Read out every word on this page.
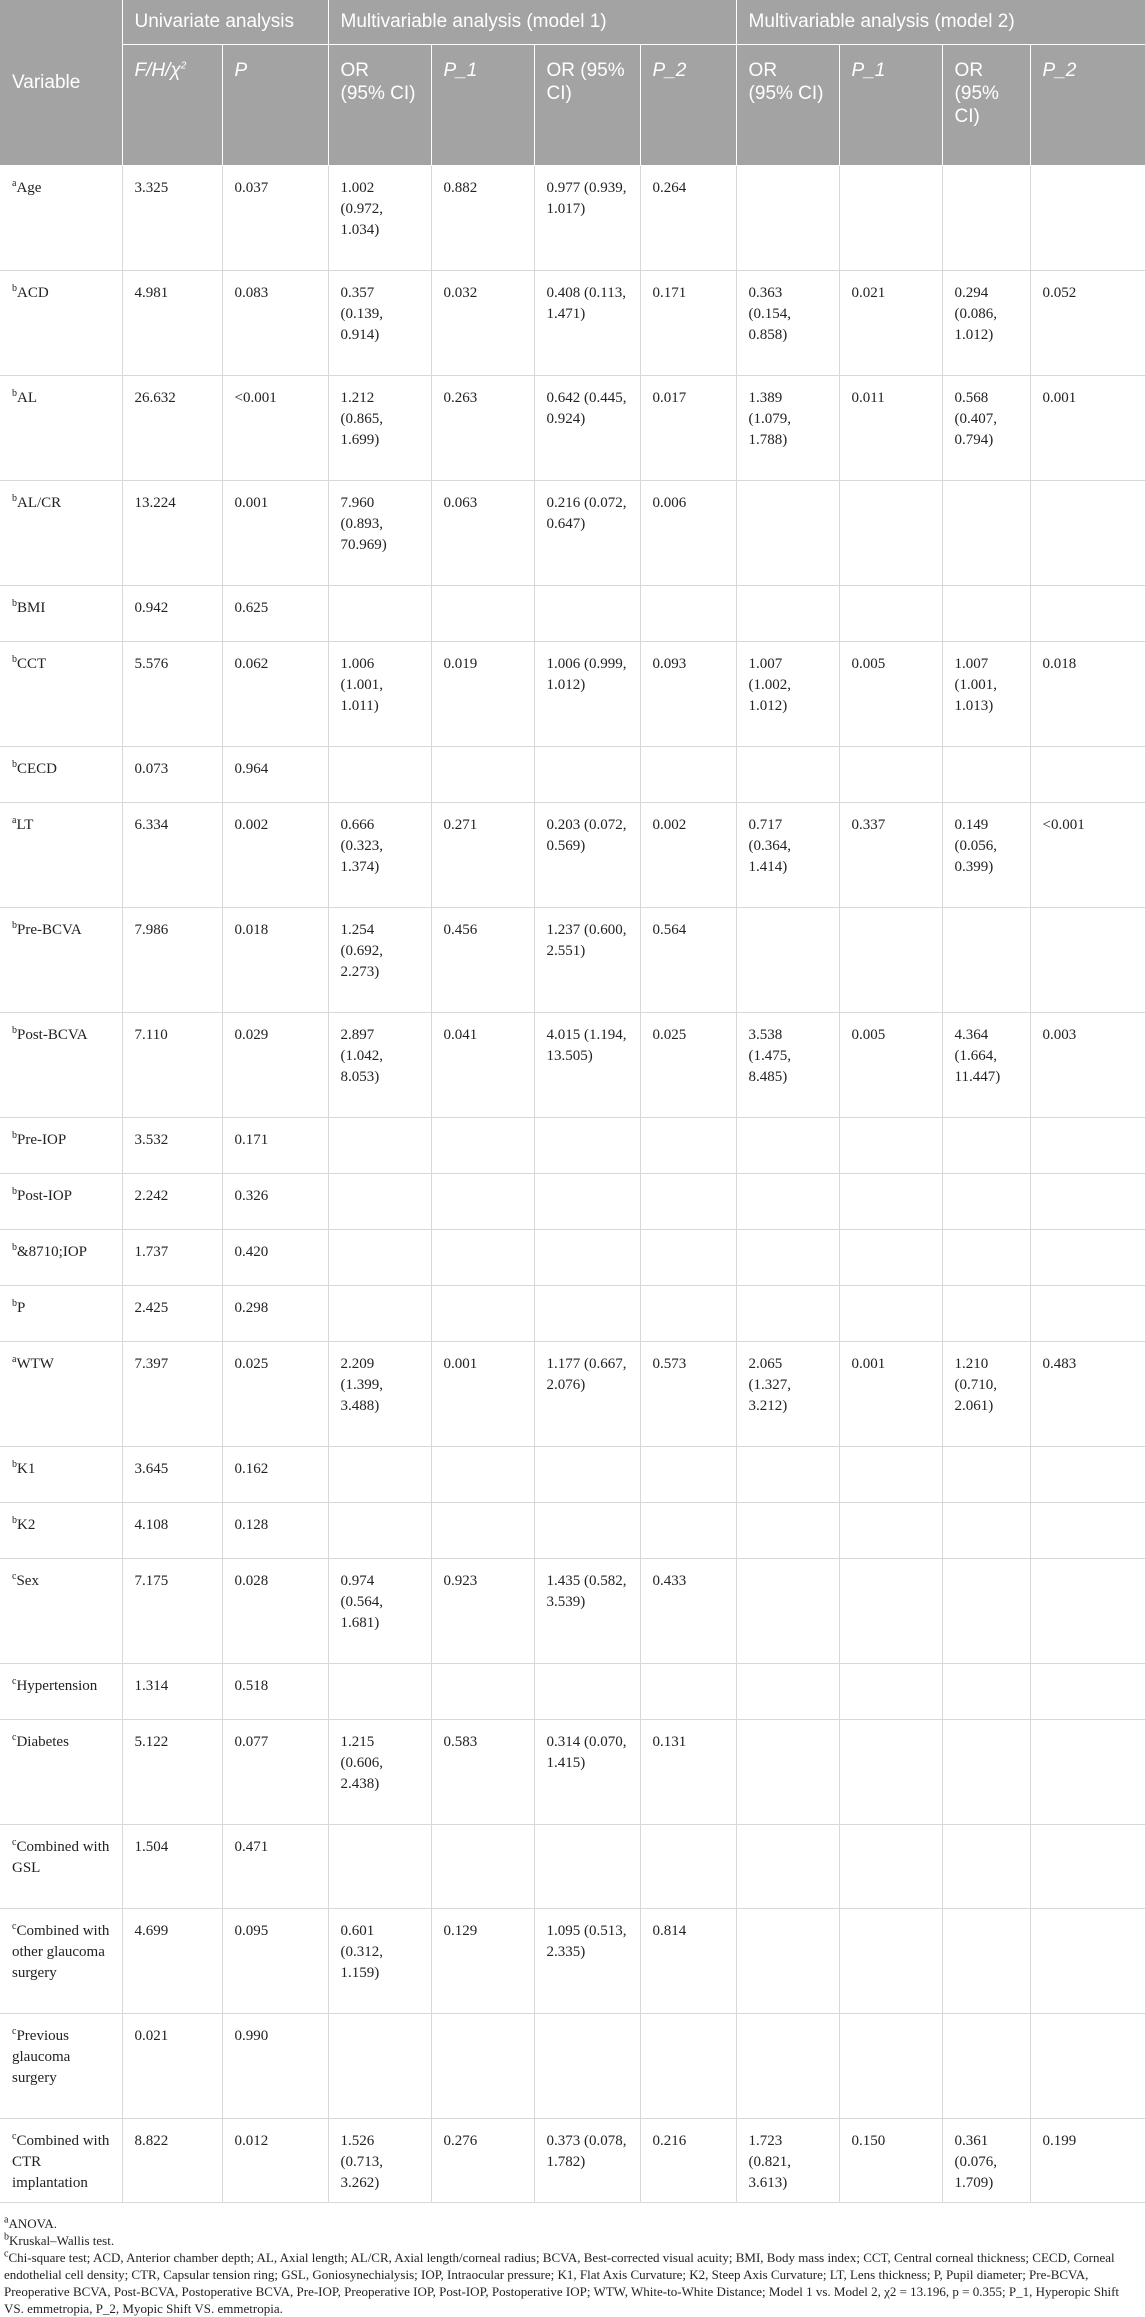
Variable	Univariate analysis		Multivariable analysis (model 1)				Multivariable analysis (model 2)			
	$F/H/\chi^2$	P	OR (95% CI)	P_1	OR (95% CI)	P_2	OR (95% CI)	P_1	OR (95% CI)	P_2
$^a$Age	3.325	0.037	1.002 (0.972, 1.034)	0.882	0.977 (0.939, 1.017)	0.264				
$^b$ACD	4.981	0.083	0.357 (0.139, 0.914)	0.032	0.408 (0.113, 1.471)	0.171	0.363 (0.154, 0.858)	0.021	0.294 (0.086, 1.012)	0.052
$^b$AL	26.632	<0.001	1.212 (0.865, 1.699)	0.263	0.642 (0.445, 0.924)	0.017	1.389 (1.079, 1.788)	0.011	0.568 (0.407, 0.794)	0.001
$^b$AL/CR	13.224	0.001	7.960 (0.893, 70.969)	0.063	0.216 (0.072, 0.647)	0.006				
$^b$BMI	0.942	0.625								
$^b$CCT	5.576	0.062	1.006 (1.001, 1.011)	0.019	1.006 (0.999, 1.012)	0.093	1.007 (1.002, 1.012)	0.005	1.007 (1.001, 1.013)	0.018
$^b$CECD	0.073	0.964								
$^a$LT	6.334	0.002	0.666 (0.323, 1.374)	0.271	0.203 (0.072, 0.569)	0.002	0.717 (0.364, 1.414)	0.337	0.149 (0.056, 0.399)	<0.001
$^b$Pre-BCVA	7.986	0.018	1.254 (0.692, 2.273)	0.456	1.237 (0.600, 2.551)	0.564				
$^b$Post-BCVA	7.110	0.029	2.897 (1.042, 8.053)	0.041	4.015 (1.194, 13.505)	0.025	3.538 (1.475, 8.485)	0.005	4.364 (1.664, 11.447)	0.003
$^b$Pre-IOP	3.532	0.171								
$^b$Post-IOP	2.242	0.326								
$^b$&8710;IOP	1.737	0.420								
$^b$P	2.425	0.298								
$^a$WTW	7.397	0.025	2.209 (1.399, 3.488)	0.001	1.177 (0.667, 2.076)	0.573	2.065 (1.327, 3.212)	0.001	1.210 (0.710, 2.061)	0.483
$^b$K1	3.645	0.162								
$^b$K2	4.108	0.128								
$^c$Sex	7.175	0.028	0.974 (0.564, 1.681)	0.923	1.435 (0.582, 3.539)	0.433				
$^c$Hypertension	1.314	0.518								
$^c$Diabetes	5.122	0.077	1.215 (0.606, 2.438)	0.583	0.314 (0.070, 1.415)	0.131				
$^c$Combined with GSL	1.504	0.471								
$^c$Combined with other glaucoma surgery	4.699	0.095	0.601 (0.312, 1.159)	0.129	1.095 (0.513, 2.335)	0.814				
$^c$Previous glaucoma surgery	0.021	0.990								
$^c$Combined with CTR implantation	8.822	0.012	1.526 (0.713, 3.262)	0.276	0.373 (0.078, 1.782)	0.216	1.723 (0.821, 3.613)	0.150	0.361 (0.076, 1.709)	0.199
$^a$ANOVA.
$^b$Kruskal–Wallis test.
$^c$Chi-square test; ACD, Anterior chamber depth; AL, Axial length; AL/CR, Axial length/corneal radius; BCVA, Best-corrected visual acuity; BMI, Body mass index; CCT, Central corneal thickness; CECD, Corneal endothelial cell density; CTR, Capsular tension ring; GSL, Goniosynechialysis; IOP, Intraocular pressure; K1, Flat Axis Curvature; K2, Steep Axis Curvature; LT, Lens thickness; P, Pupil diameter; Pre-BCVA, Preoperative BCVA, Post-BCVA, Postoperative BCVA, Pre-IOP, Preoperative IOP, Post-IOP, Postoperative IOP; WTW, White-to-White Distance; Model 1 vs. Model 2, χ2 = 13.196, p = 0.355; P_1, Hyperopic Shift VS. emmetropia, P_2, Myopic Shift VS. emmetropia.
